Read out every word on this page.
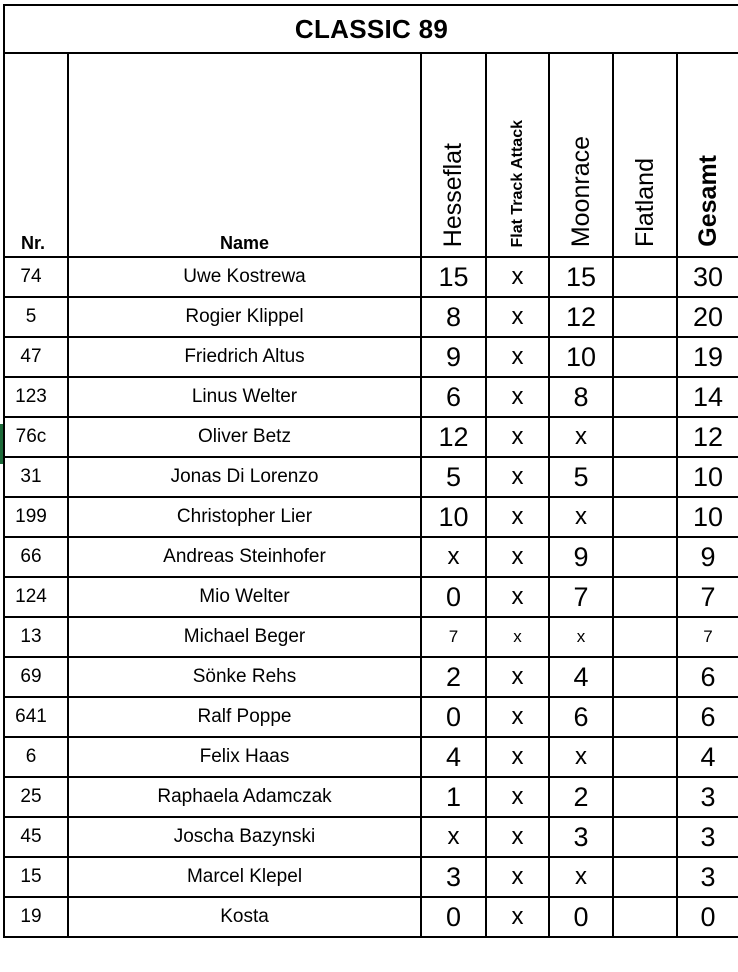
CLASSIC 89						
Nr.	Name	Hesseflat	Flat Track Attack	Moonrace	Flatland	Gesamt
74	Uwe Kostrewa	15	x	15		30
5	Rogier Klippel	8	x	12		20
47	Friedrich Altus	9	x	10		19
123	Linus Welter	6	x	8		14
76c	Oliver Betz	12	x	x		12
31	Jonas Di Lorenzo	5	x	5		10
199	Christopher Lier	10	x	x		10
66	Andreas Steinhofer	x	x	9		9
124	Mio Welter	0	x	7		7
13	Michael Beger	7	x	x		7
69	Sönke Rehs	2	x	4		6
641	Ralf Poppe	0	x	6		6
6	Felix Haas	4	x	x		4
25	Raphaela Adamczak	1	x	2		3
45	Joscha Bazynski	x	x	3		3
15	Marcel Klepel	3	x	x		3
19	Kosta	0	x	0		0
